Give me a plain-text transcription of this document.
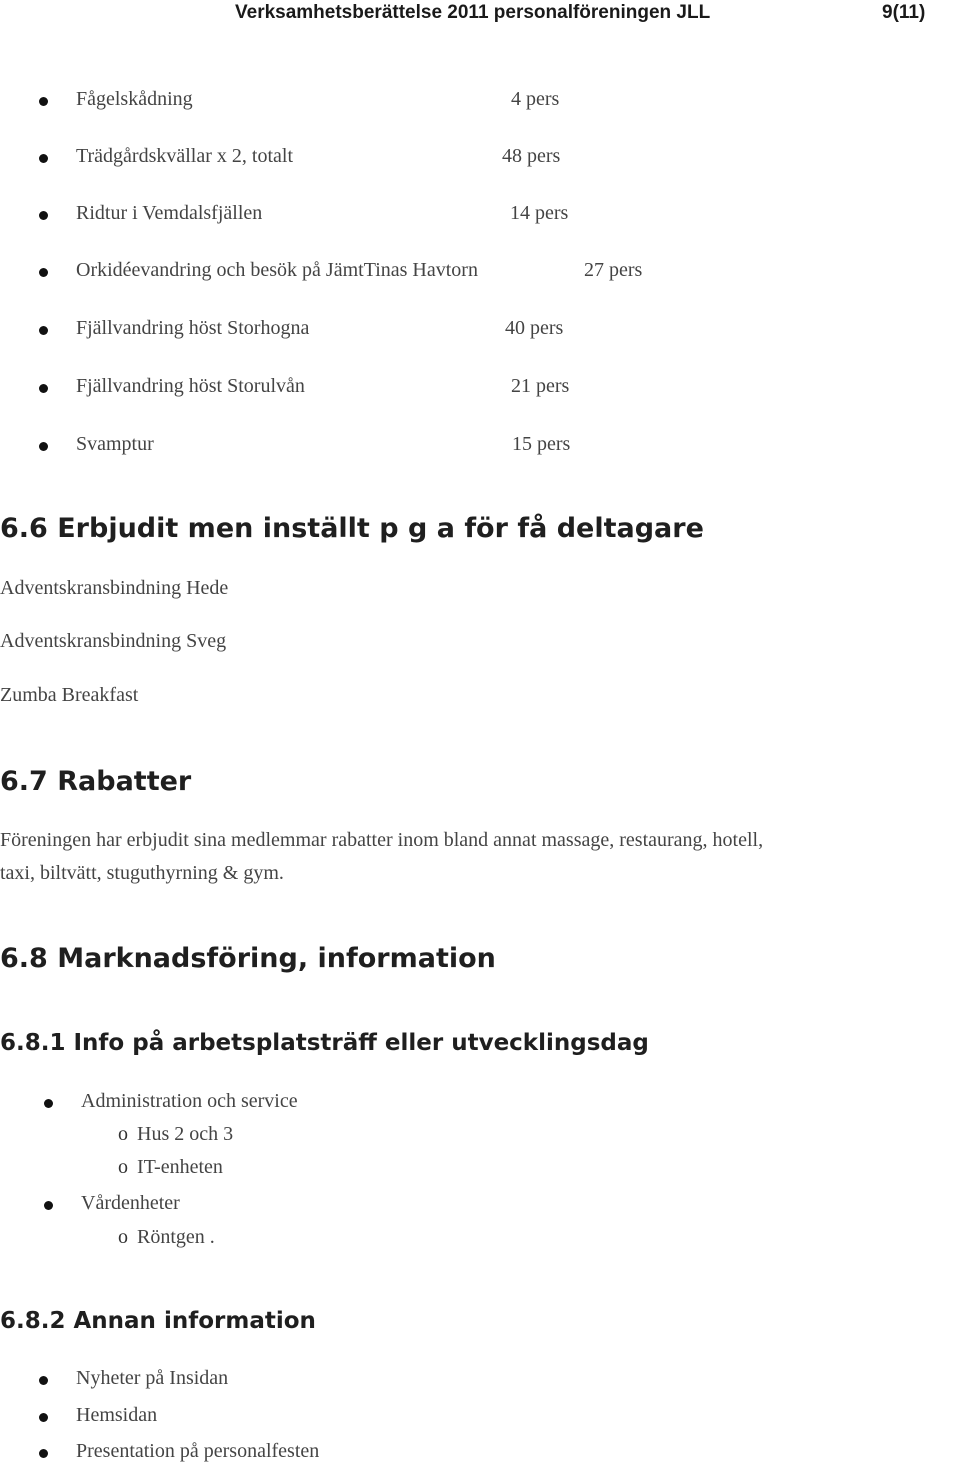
Verksamhetsberättelse 2011 personalföreningen JLL	9(11)
Fågelskådning	4 pers
Trädgårdskvällar x 2, totalt	48 pers
Ridtur i Vemdalsfjällen	14 pers
Orkidéevandring och besök på JämtTinas Havtorn	27 pers
Fjällvandring höst Storhogna	40 pers
Fjällvandring höst Storulvån	21 pers
Svamptur	15 pers
6.6 Erbjudit men inställt p g a för få deltagare
Adventskransbindning Hede
Adventskransbindning Sveg
Zumba Breakfast
6.7 Rabatter
Föreningen har erbjudit sina medlemmar rabatter inom bland annat massage, restaurang, hotell,
taxi, biltvätt, stuguthyrning & gym.
6.8 Marknadsföring, information
6.8.1 Info på arbetsplatsträff eller utvecklingsdag
Administration och service
o Hus 2 och 3
o IT-enheten
Vårdenheter
o Röntgen .
6.8.2 Annan information
Nyheter på Insidan
Hemsidan
Presentation på personalfesten
